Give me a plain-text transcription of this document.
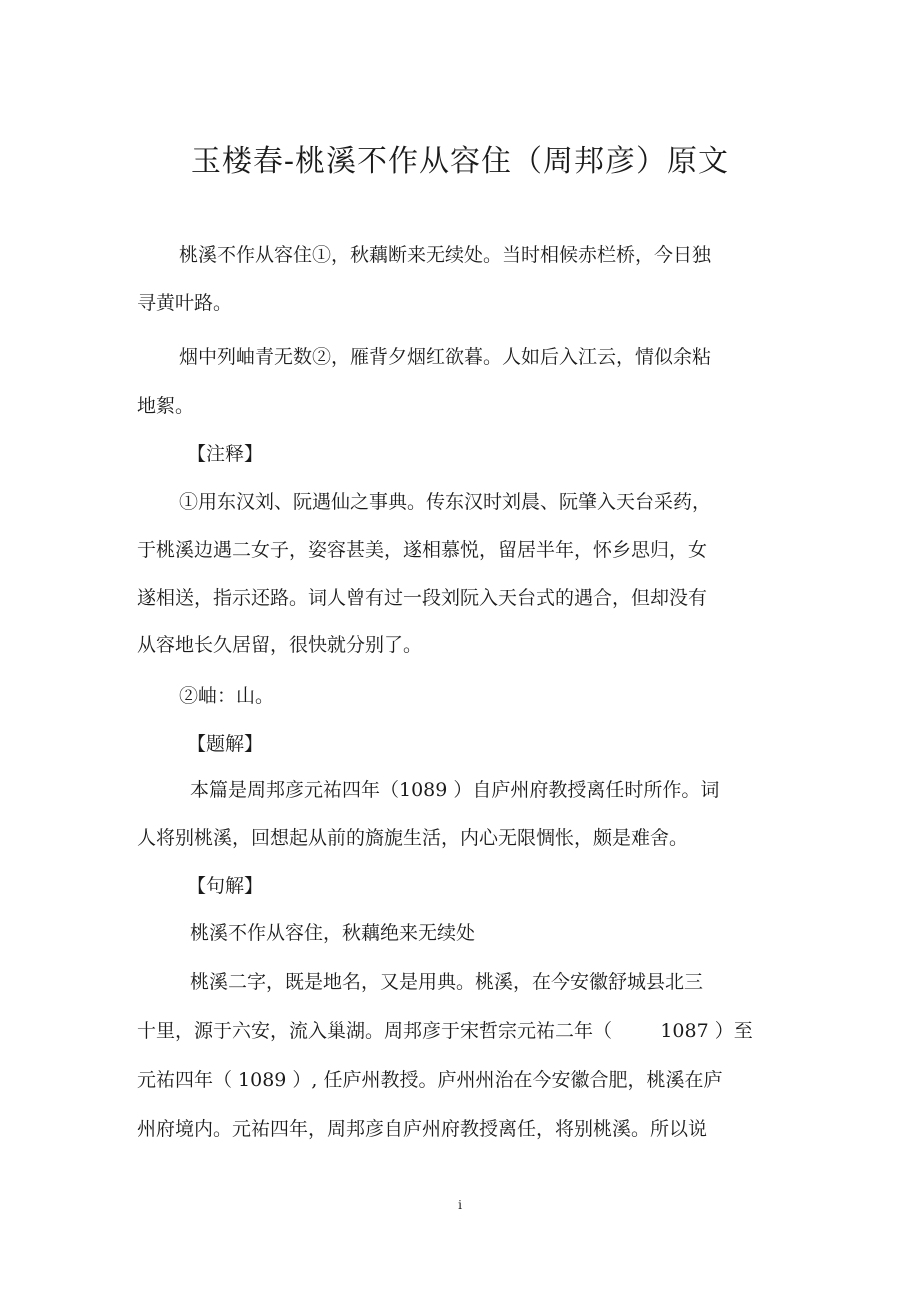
玉楼春-桃溪不作从容住（周邦彦）原文
桃溪不作从容住①，秋藕断来无续处。当时相候赤栏桥，今日独
寻黄叶路。
烟中列岫青无数②，雁背夕烟红欲暮。人如后入江云，情似余粘
地絮。
【注释】
①用东汉刘、阮遇仙之事典。传东汉时刘晨、阮肇入天台采药，
于桃溪边遇二女子，姿容甚美，遂相慕悦，留居半年，怀乡思归，女
遂相送，指示还路。词人曾有过一段刘阮入天台式的遇合，但却没有
从容地长久居留，很快就分别了。
②岫：山。
【题解】
本篇是周邦彦元祐四年（1089 ）自庐州府教授离任时所作。词
人将别桃溪，回想起从前的旖旎生活，内心无限惆怅，颇是难舍。
【句解】
桃溪不作从容住，秋藕绝来无续处
桃溪二字，既是地名，又是用典。桃溪，在今安徽舒城县北三
十里，源于六安，流入巢湖。周邦彦于宋哲宗元祐二年（        1087 ）至
元祐四年（ 1089 ）, 任庐州教授。庐州州治在今安徽合肥，桃溪在庐
州府境内。元祐四年，周邦彦自庐州府教授离任，将别桃溪。所以说
i
